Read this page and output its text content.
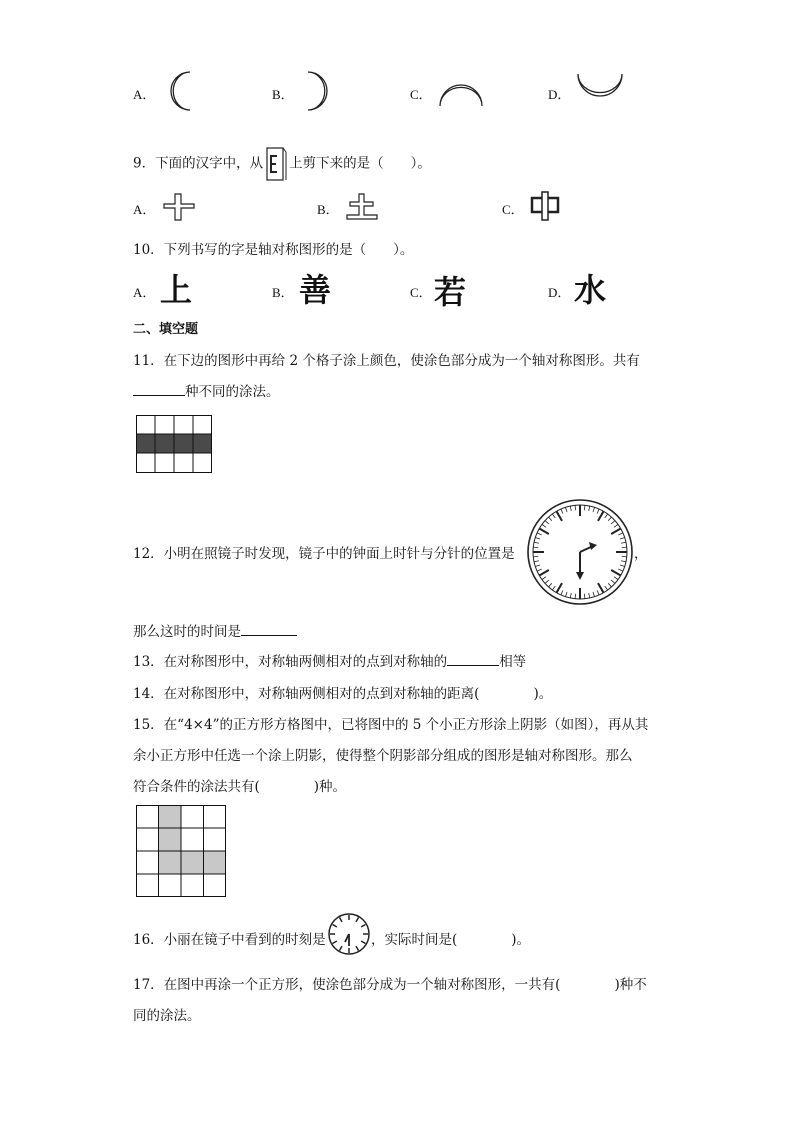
A．	B．	C．	D．
9．下面的汉字中，从 上剪下来的是（　　）。
A．	B．	C．
10．下列书写的字是轴对称图形的是（　　）。
A． 上	B． 善	C． 若	D． 水
二、填空题
11．在下边的图形中再给 2 个格子涂上颜色，使涂色部分成为一个轴对称图形。共有
种不同的涂法。
12．小明在照镜子时发现，镜子中的钟面上时针与分针的位置是	，
那么这时的时间是
13．在对称图形中，对称轴两侧相对的点到对称轴的	相等
14．在对称图形中，对称轴两侧相对的点到对称轴的距离(　　　　)。
15．在“4×4”的正方形方格图中，已将图中的 5 个小正方形涂上阴影（如图），再从其
余小正方形中任选一个涂上阴影，使得整个阴影部分组成的图形是轴对称图形。那么
符合条件的涂法共有(　　　　)种。
16．小丽在镜子中看到的时刻是	，实际时间是(　　　　)。
17．在图中再涂一个正方形，使涂色部分成为一个轴对称图形，一共有(　　　　)种不
同的涂法。
